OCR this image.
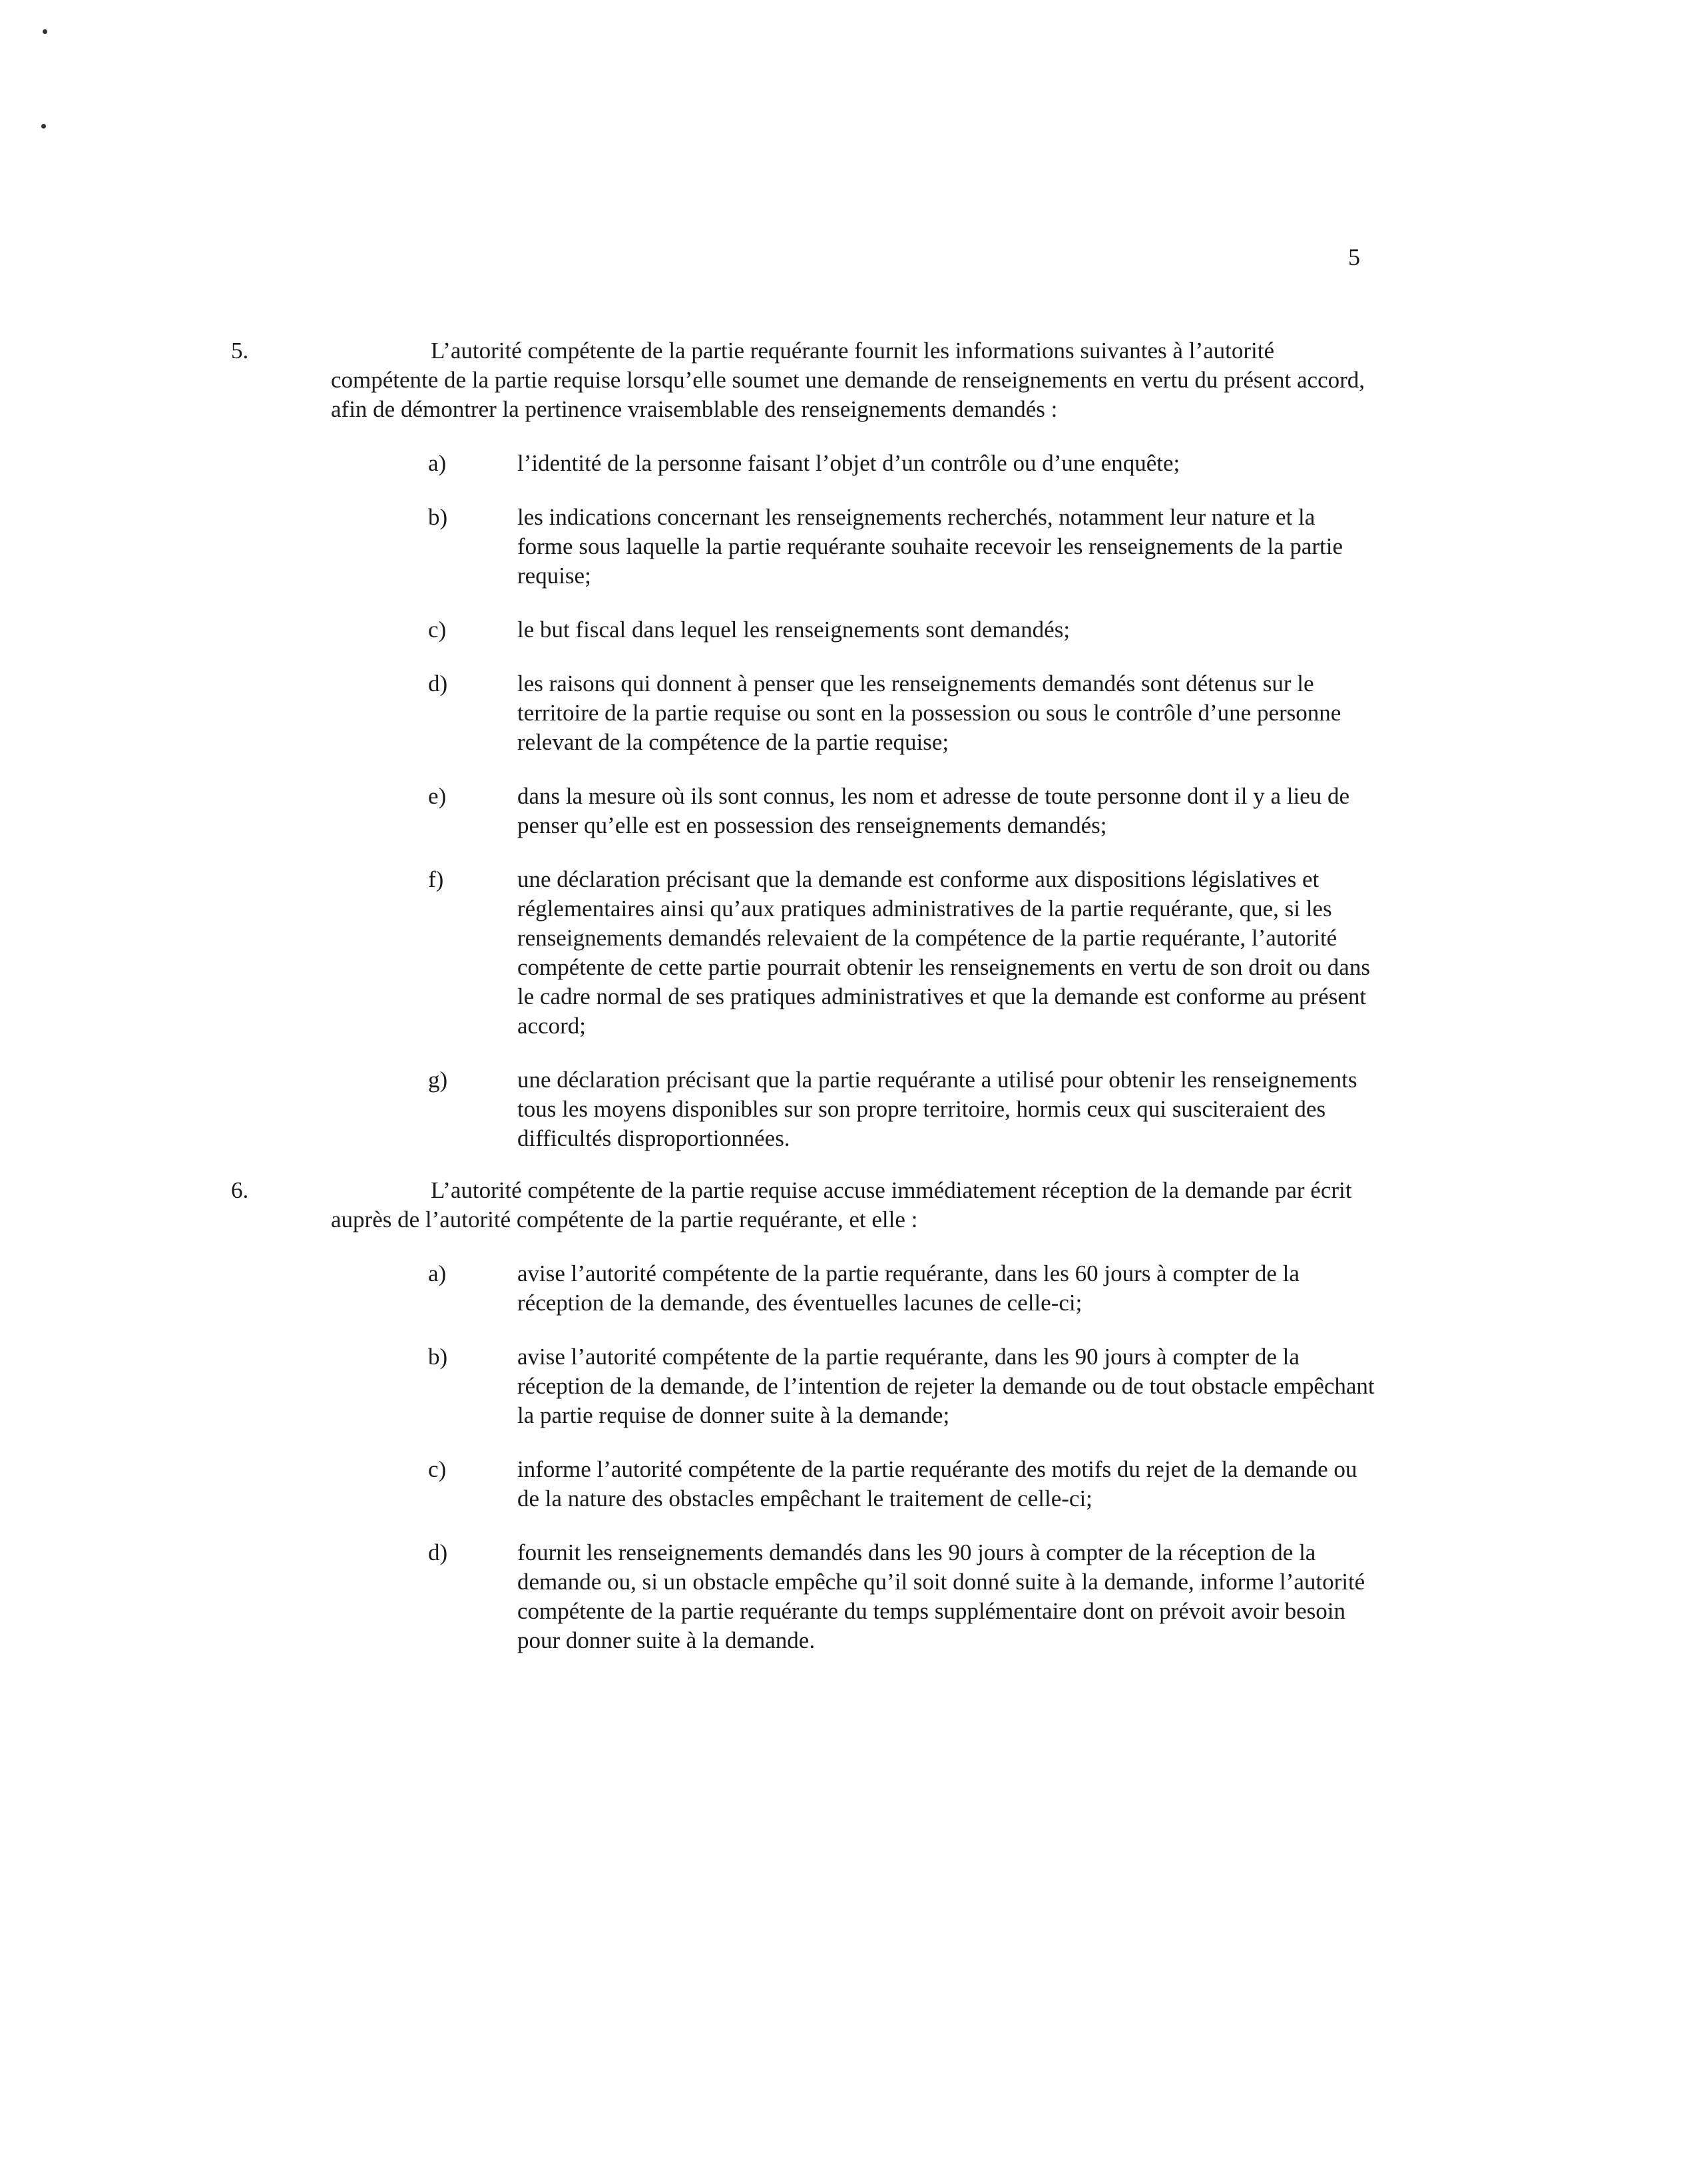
5

5.	L’autorité compétente de la partie requérante fournit les informations suivantes à l’autorité compétente de la partie requise lorsqu’elle soumet une demande de renseignements en vertu du présent accord, afin de démontrer la pertinence vraisemblable des renseignements demandés :

a)	l’identité de la personne faisant l’objet d’un contrôle ou d’une enquête;
b)	les indications concernant les renseignements recherchés, notamment leur nature et la forme sous laquelle la partie requérante souhaite recevoir les renseignements de la partie requise;
c)	le but fiscal dans lequel les renseignements sont demandés;
d)	les raisons qui donnent à penser que les renseignements demandés sont détenus sur le territoire de la partie requise ou sont en la possession ou sous le contrôle d’une personne relevant de la compétence de la partie requise;
e)	dans la mesure où ils sont connus, les nom et adresse de toute personne dont il y a lieu de penser qu’elle est en possession des renseignements demandés;
f)	une déclaration précisant que la demande est conforme aux dispositions législatives et réglementaires ainsi qu’aux pratiques administratives de la partie requérante, que, si les renseignements demandés relevaient de la compétence de la partie requérante, l’autorité compétente de cette partie pourrait obtenir les renseignements en vertu de son droit ou dans le cadre normal de ses pratiques administratives et que la demande est conforme au présent accord;
g)	une déclaration précisant que la partie requérante a utilisé pour obtenir les renseignements tous les moyens disponibles sur son propre territoire, hormis ceux qui susciteraient des difficultés disproportionnées.

6.	L’autorité compétente de la partie requise accuse immédiatement réception de la demande par écrit auprès de l’autorité compétente de la partie requérante, et elle :

a)	avise l’autorité compétente de la partie requérante, dans les 60 jours à compter de la réception de la demande, des éventuelles lacunes de celle-ci;
b)	avise l’autorité compétente de la partie requérante, dans les 90 jours à compter de la réception de la demande, de l’intention de rejeter la demande ou de tout obstacle empêchant la partie requise de donner suite à la demande;
c)	informe l’autorité compétente de la partie requérante des motifs du rejet de la demande ou de la nature des obstacles empêchant le traitement de celle-ci;
d)	fournit les renseignements demandés dans les 90 jours à compter de la réception de la demande ou, si un obstacle empêche qu’il soit donné suite à la demande, informe l’autorité compétente de la partie requérante du temps supplémentaire dont on prévoit avoir besoin pour donner suite à la demande.
